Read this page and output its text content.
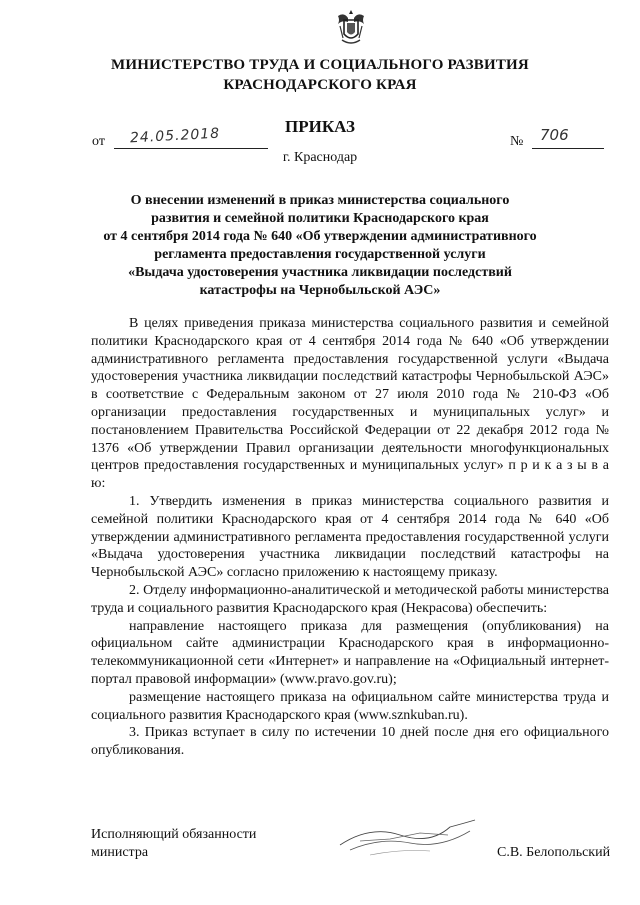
МИНИСТЕРСТВО ТРУДА И СОЦИАЛЬНОГО РАЗВИТИЯ
КРАСНОДАРСКОГО КРАЯ
ПРИКАЗ
от 24.05.2018	№ 706
г. Краснодар
О внесении изменений в приказ министерства социального
развития и семейной политики Краснодарского края
от 4 сентября 2014 года № 640 «Об утверждении административного
регламента предоставления государственной услуги
«Выдача удостоверения участника ликвидации последствий
катастрофы на Чернобыльской АЭС»

В целях приведения приказа министерства социального развития и семейной политики Краснодарского края от 4 сентября 2014 года № 640 «Об утверждении административного регламента предоставления государственной услуги «Выдача удостоверения участника ликвидации последствий катастрофы Чернобыльской АЭС» в соответствие с Федеральным законом от 27 июля 2010 года № 210-ФЗ «Об организации предоставления государственных и муниципальных услуг» и постановлением Правительства Российской Федерации от 22 декабря 2012 года № 1376 «Об утверждении Правил организации деятельности многофункциональных центров предоставления государственных и муниципальных услуг» п р и к а з ы в а ю:

1. Утвердить изменения в приказ министерства социального развития и семейной политики Краснодарского края от 4 сентября 2014 года № 640 «Об утверждении административного регламента предоставления государственной услуги «Выдача удостоверения участника ликвидации последствий катастрофы на Чернобыльской АЭС» согласно приложению к настоящему приказу.

2. Отделу информационно-аналитической и методической работы министерства труда и социального развития Краснодарского края (Некрасова) обеспечить:

направление настоящего приказа для размещения (опубликования) на официальном сайте администрации Краснодарского края в информационно-телекоммуникационной сети «Интернет» и направление на «Официальный интернет-портал правовой информации» (www.pravo.gov.ru);

размещение настоящего приказа на официальном сайте министерства труда и социального развития Краснодарского края (www.sznkuban.ru).

3. Приказ вступает в силу по истечении 10 дней после дня его официального опубликования.

Исполняющий обязанности
министра	С.В. Белопольский
